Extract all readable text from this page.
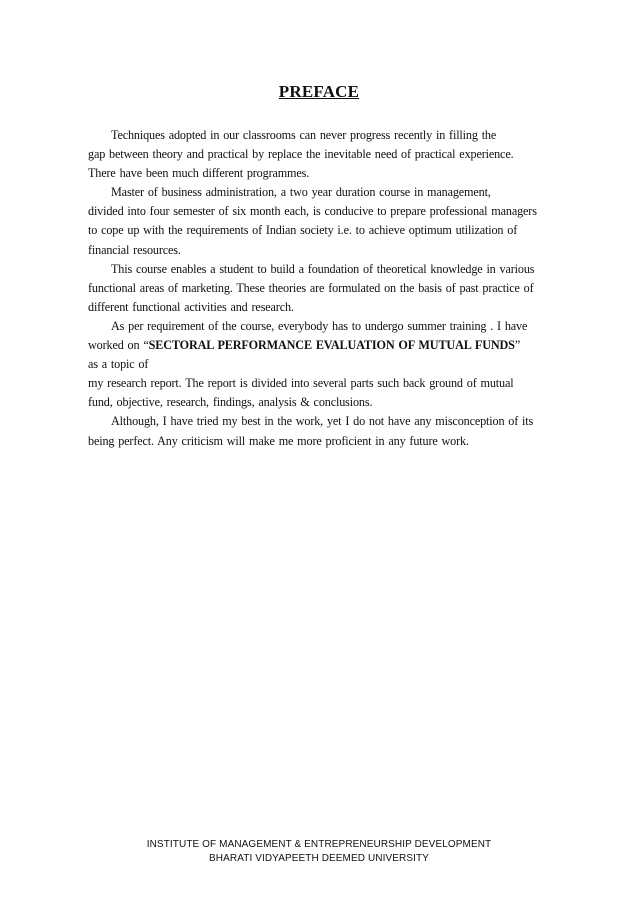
PREFACE
Techniques adopted in our classrooms can never progress recently in filling the
gap between theory and practical by replace the inevitable need of practical experience.
There have been much different programmes.
Master of business administration, a two year duration course in management,
divided into four semester of six month each, is conducive to prepare professional managers
to cope up with the requirements of Indian society i.e. to achieve optimum utilization of
financial resources.
This course enables a student to build a foundation of theoretical knowledge in various
functional areas of marketing. These theories are formulated on the basis of past practice of
different functional activities and research.
As per requirement of the course, everybody has to undergo summer training . I have
worked on “SECTORAL PERFORMANCE EVALUATION OF MUTUAL FUNDS”
as a topic of
my research report. The report is divided into several parts such back ground of mutual
fund, objective, research, findings, analysis & conclusions.
Although, I have tried my best in the work, yet I do not have any misconception of its
being perfect. Any criticism will make me more proficient in any future work.
INSTITUTE OF MANAGEMENT & ENTREPRENEURSHIP DEVELOPMENT
BHARATI VIDYAPEETH DEEMED UNIVERSITY
